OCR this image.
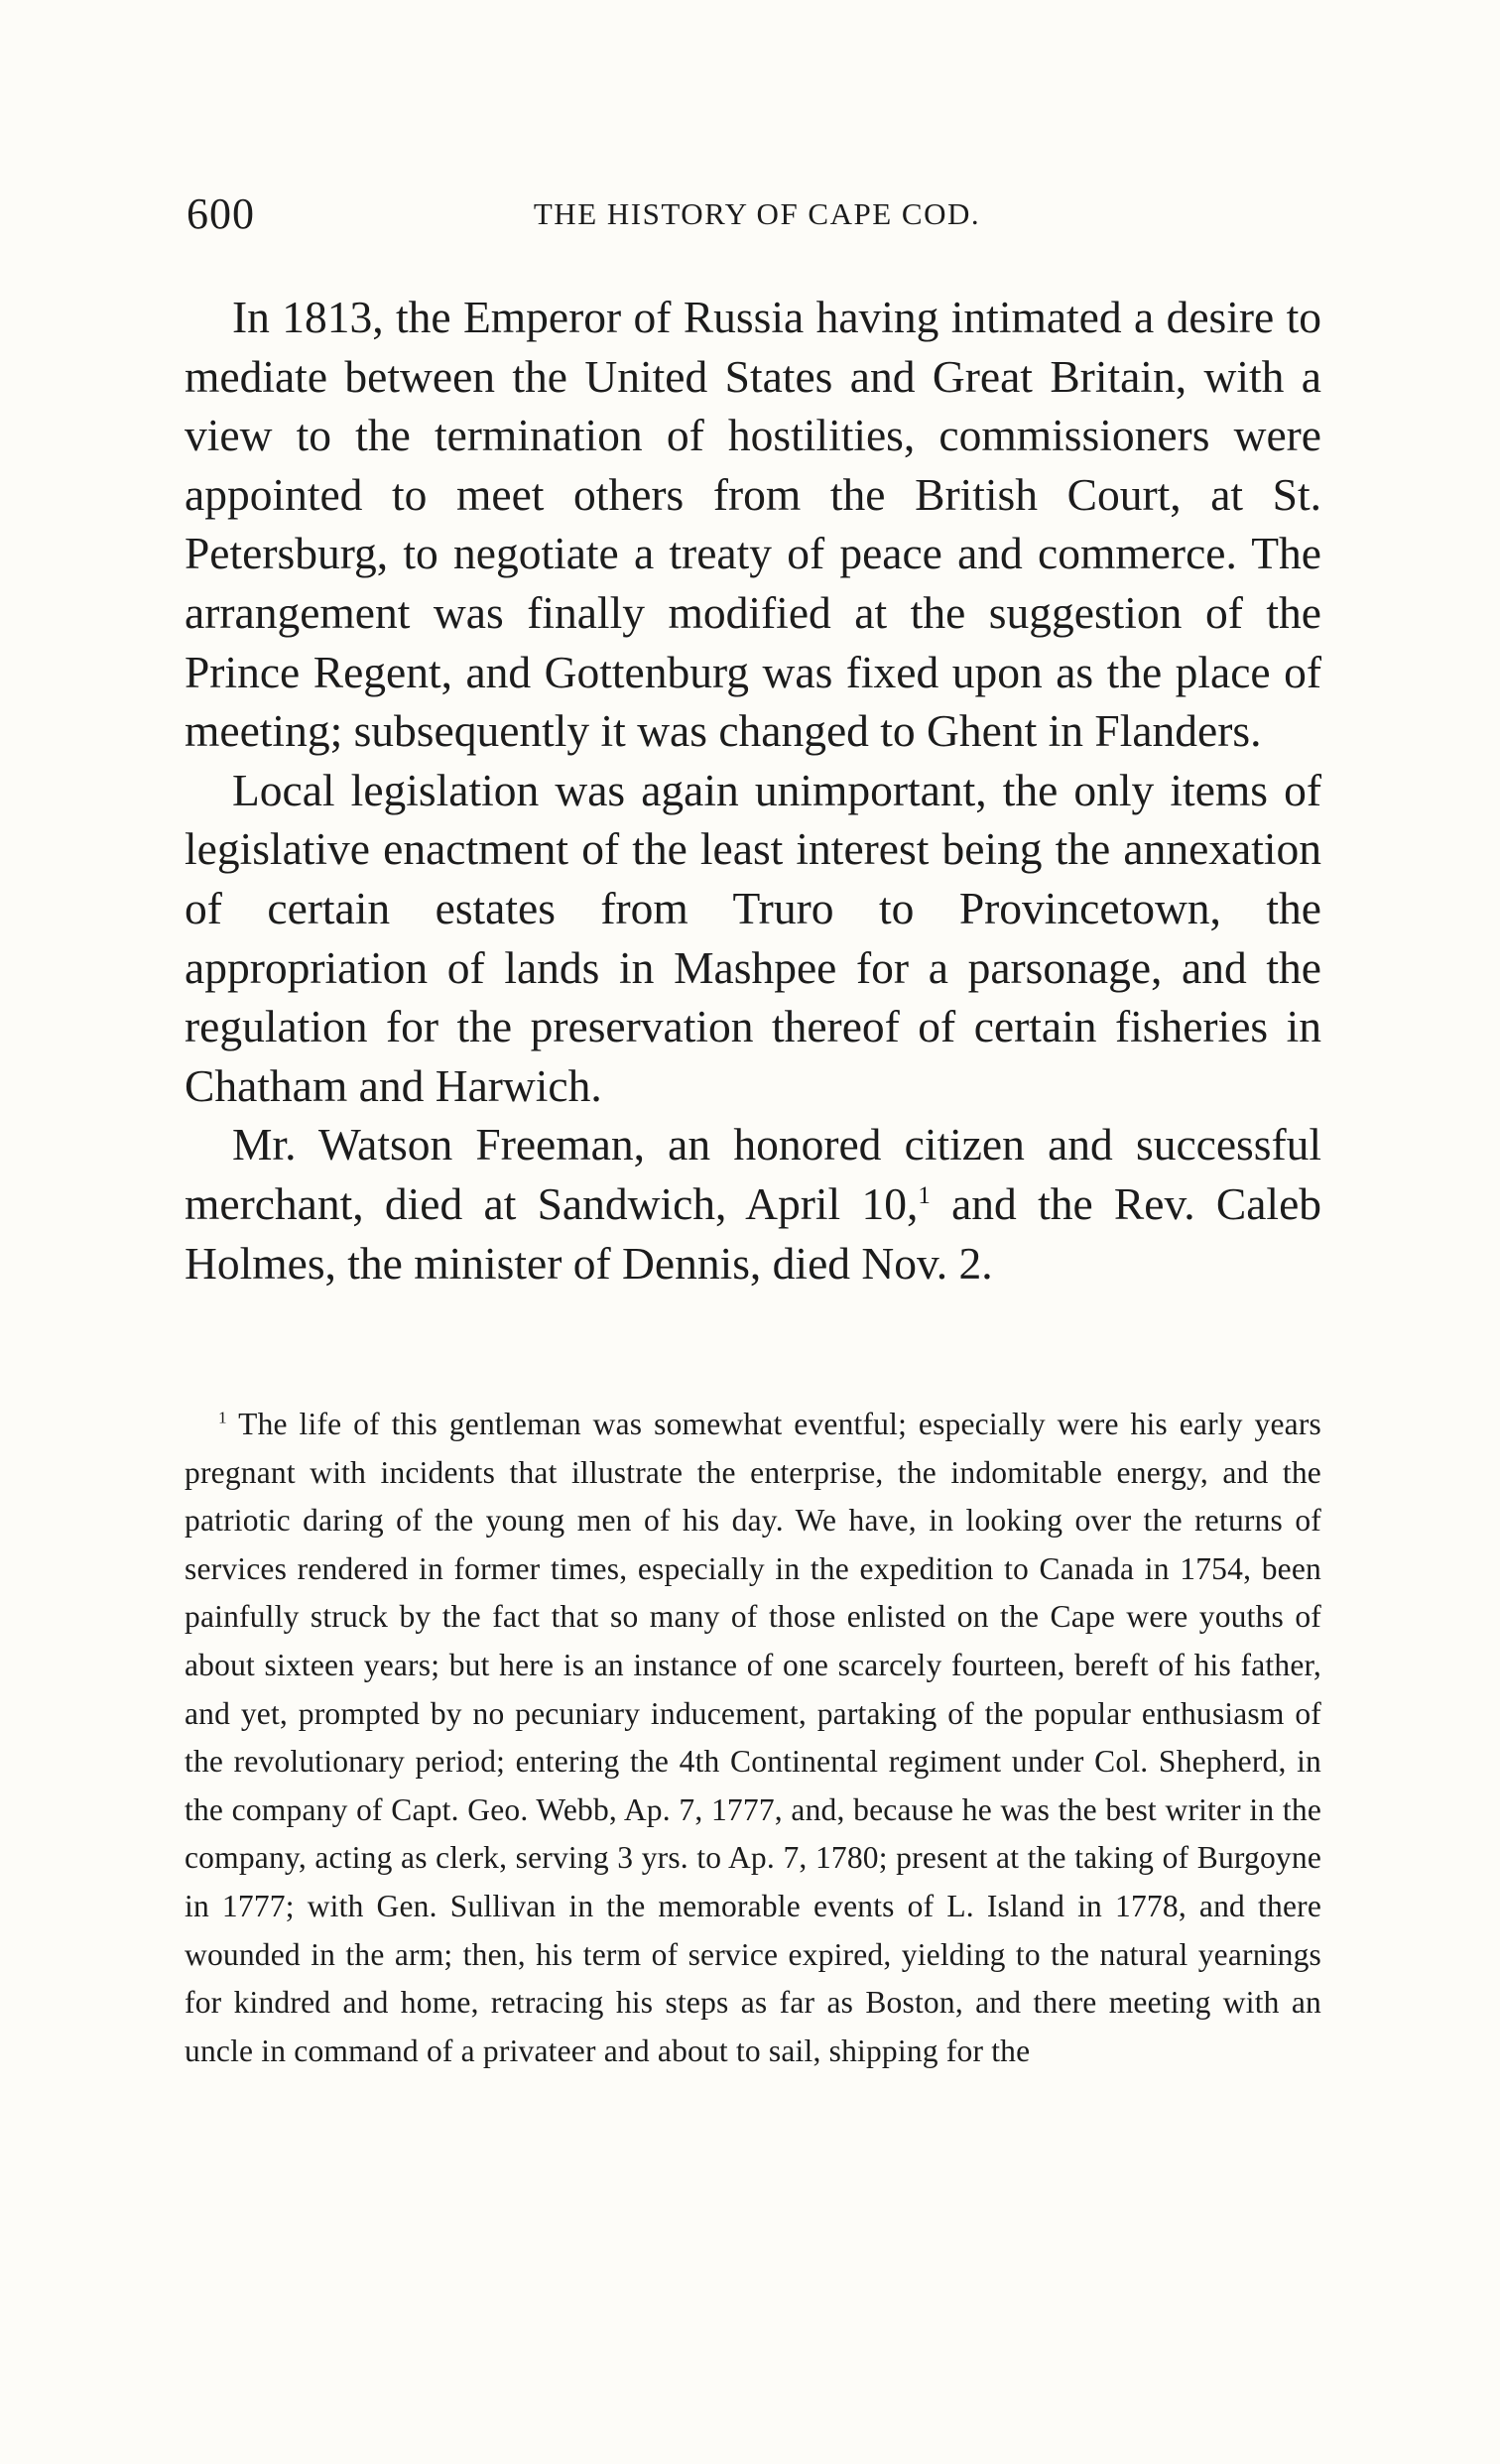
600	THE HISTORY OF CAPE COD.

In 1813, the Emperor of Russia having intimated a desire to mediate between the United States and Great Britain, with a view to the termination of hostilities, commissioners were appointed to meet others from the British Court, at St. Petersburg, to negotiate a treaty of peace and commerce. The arrangement was finally modified at the suggestion of the Prince Regent, and Gottenburg was fixed upon as the place of meeting; subsequently it was changed to Ghent in Flanders.

Local legislation was again unimportant, the only items of legislative enactment of the least interest being the annexation of certain estates from Truro to Provincetown, the appropriation of lands in Mashpee for a parsonage, and the regulation for the preservation thereof of certain fisheries in Chatham and Harwich.

Mr. Watson Freeman, an honored citizen and successful merchant, died at Sandwich, April 10,$^1$ and the Rev. Caleb Holmes, the minister of Dennis, died Nov. 2.

$^1$ The life of this gentleman was somewhat eventful; especially were his early years pregnant with incidents that illustrate the enterprise, the indomitable energy, and the patriotic daring of the young men of his day. We have, in looking over the returns of services rendered in former times, especially in the expedition to Canada in 1754, been painfully struck by the fact that so many of those enlisted on the Cape were youths of about sixteen years; but here is an instance of one scarcely fourteen, bereft of his father, and yet, prompted by no pecuniary inducement, partaking of the popular enthusiasm of the revolutionary period; entering the 4th Continental regiment under Col. Shepherd, in the company of Capt. Geo. Webb, Ap. 7, 1777, and, because he was the best writer in the company, acting as clerk, serving 3 yrs. to Ap. 7, 1780; present at the taking of Burgoyne in 1777; with Gen. Sullivan in the memorable events of L. Island in 1778, and there wounded in the arm; then, his term of service expired, yielding to the natural yearnings for kindred and home, retracing his steps as far as Boston, and there meeting with an uncle in command of a privateer and about to sail, shipping for the
